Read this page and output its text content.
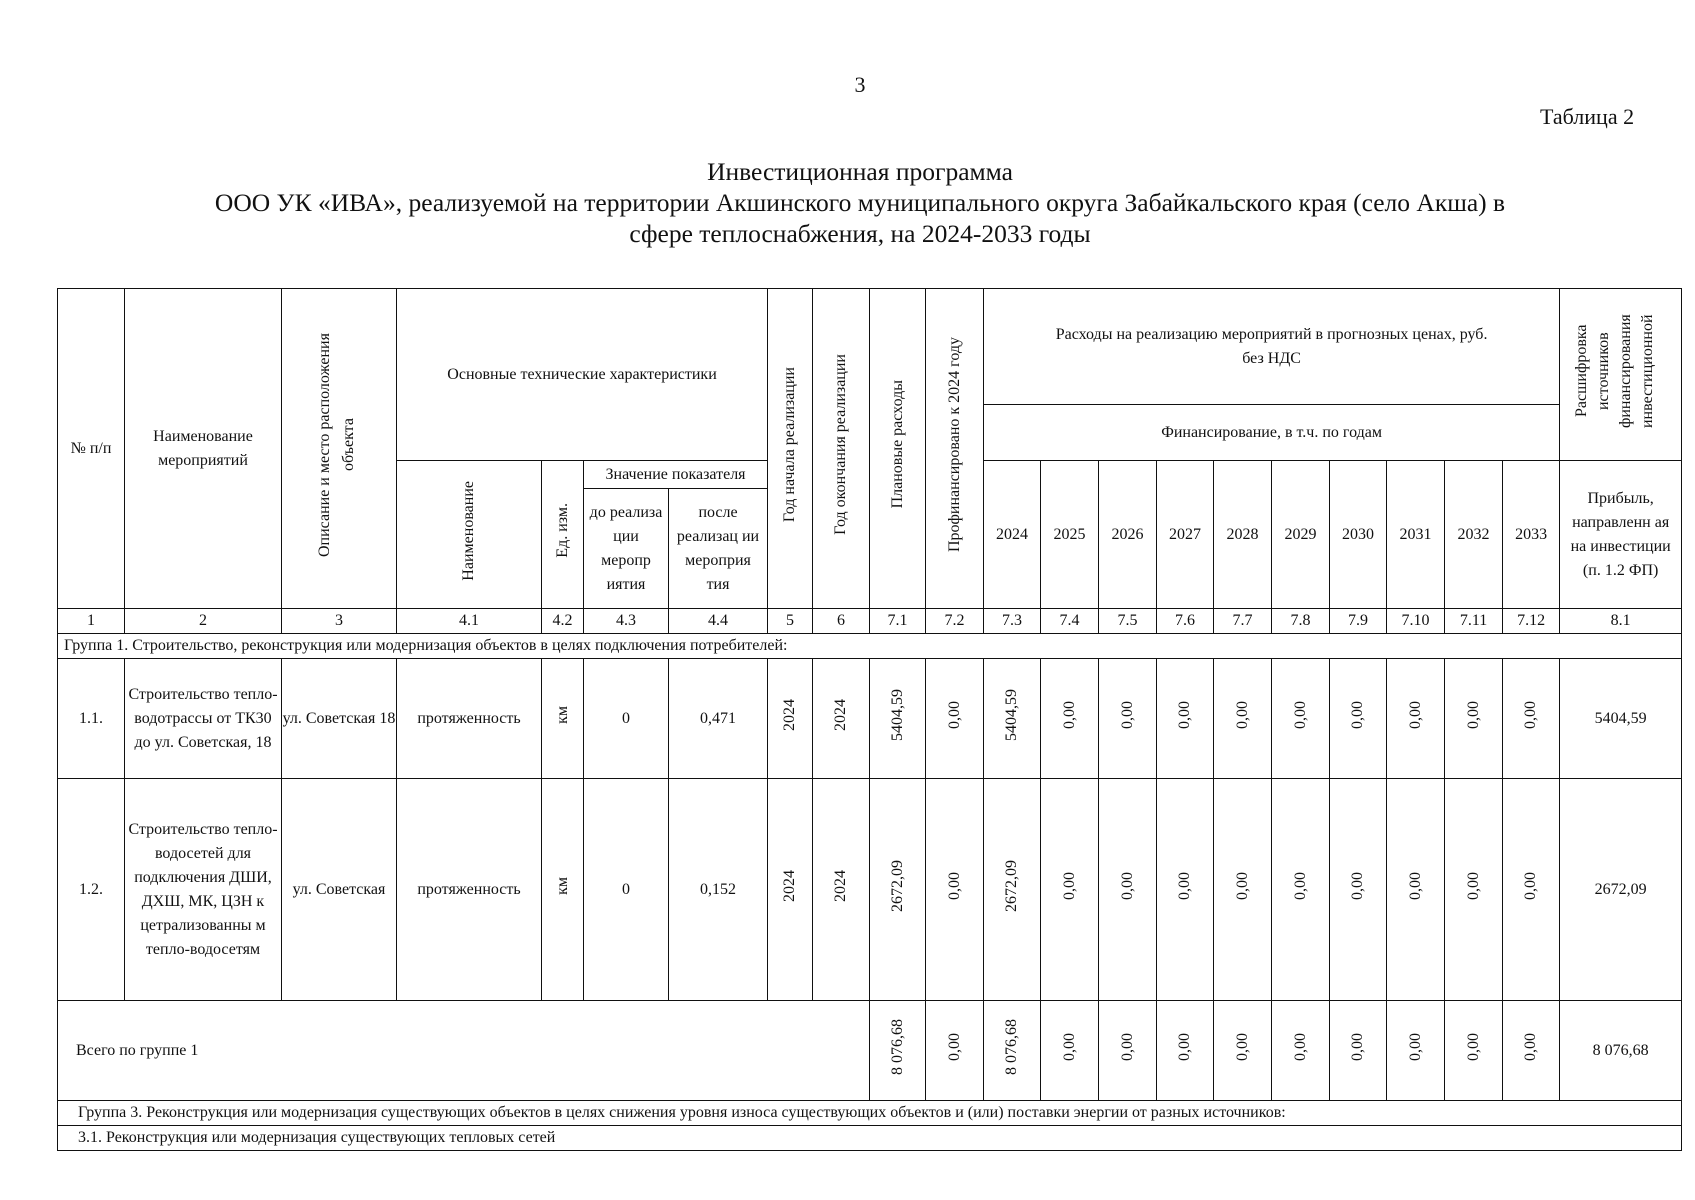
3
Таблица 2
Инвестиционная программа
ООО УК «ИВА», реализуемой на территории Акшинского муниципального округа Забайкальского края (село Акша) в
сфере теплоснабжения, на 2024-2033 годы
№ п/п	Наименование мероприятий	Описание и место расположения объекта	Основные технические характеристики				Год начала реализации	Год окончания реализации	Плановые расходы	Профинансировано к 2024 году	Расходы на реализацию мероприятий в прогнозных ценах, руб. без НДС										Расшифровка источников финансирования инвестиционной
											Финансирование, в т.ч. по годам										
			Наименование	Ед. изм.	Значение показателя						2024	2025	2026	2027	2028	2029	2030	2031	2032	2033	Прибыль, направленн ая на инвестиции (п. 1.2 ФП)
					до реализа ции меропр иятия	после реализац ии мероприя тия															
1	2	3	4.1	4.2	4.3	4.4	5	6	7.1	7.2	7.3	7.4	7.5	7.6	7.7	7.8	7.9	7.10	7.11	7.12	8.1
Группа 1. Строительство, реконструкция или модернизация объектов в целях подключения потребителей:																					
1.1.	Строительство тепло-водотрассы от ТК30 до ул. Советская, 18	ул. Советская 18	протяженность	км	0	0,471	2024	2024	5404,59	0,00	5404,59	0,00	0,00	0,00	0,00	0,00	0,00	0,00	0,00	0,00	5404,59
1.2.	Строительство тепло-водосетей для подключения ДШИ, ДХШ, МК, ЦЗН к цетрализованны м тепло-водосетям	ул. Советская	протяженность	км	0	0,152	2024	2024	2672,09	0,00	2672,09	0,00	0,00	0,00	0,00	0,00	0,00	0,00	0,00	0,00	2672,09
Всего по группе 1									8 076,68	0,00	8 076,68	0,00	0,00	0,00	0,00	0,00	0,00	0,00	0,00	0,00	8 076,68
Группа 3. Реконструкция или модернизация существующих объектов в целях снижения уровня износа существующих объектов и (или) поставки энергии от разных источников:																					
3.1. Реконструкция или модернизация существующих тепловых сетей																					
